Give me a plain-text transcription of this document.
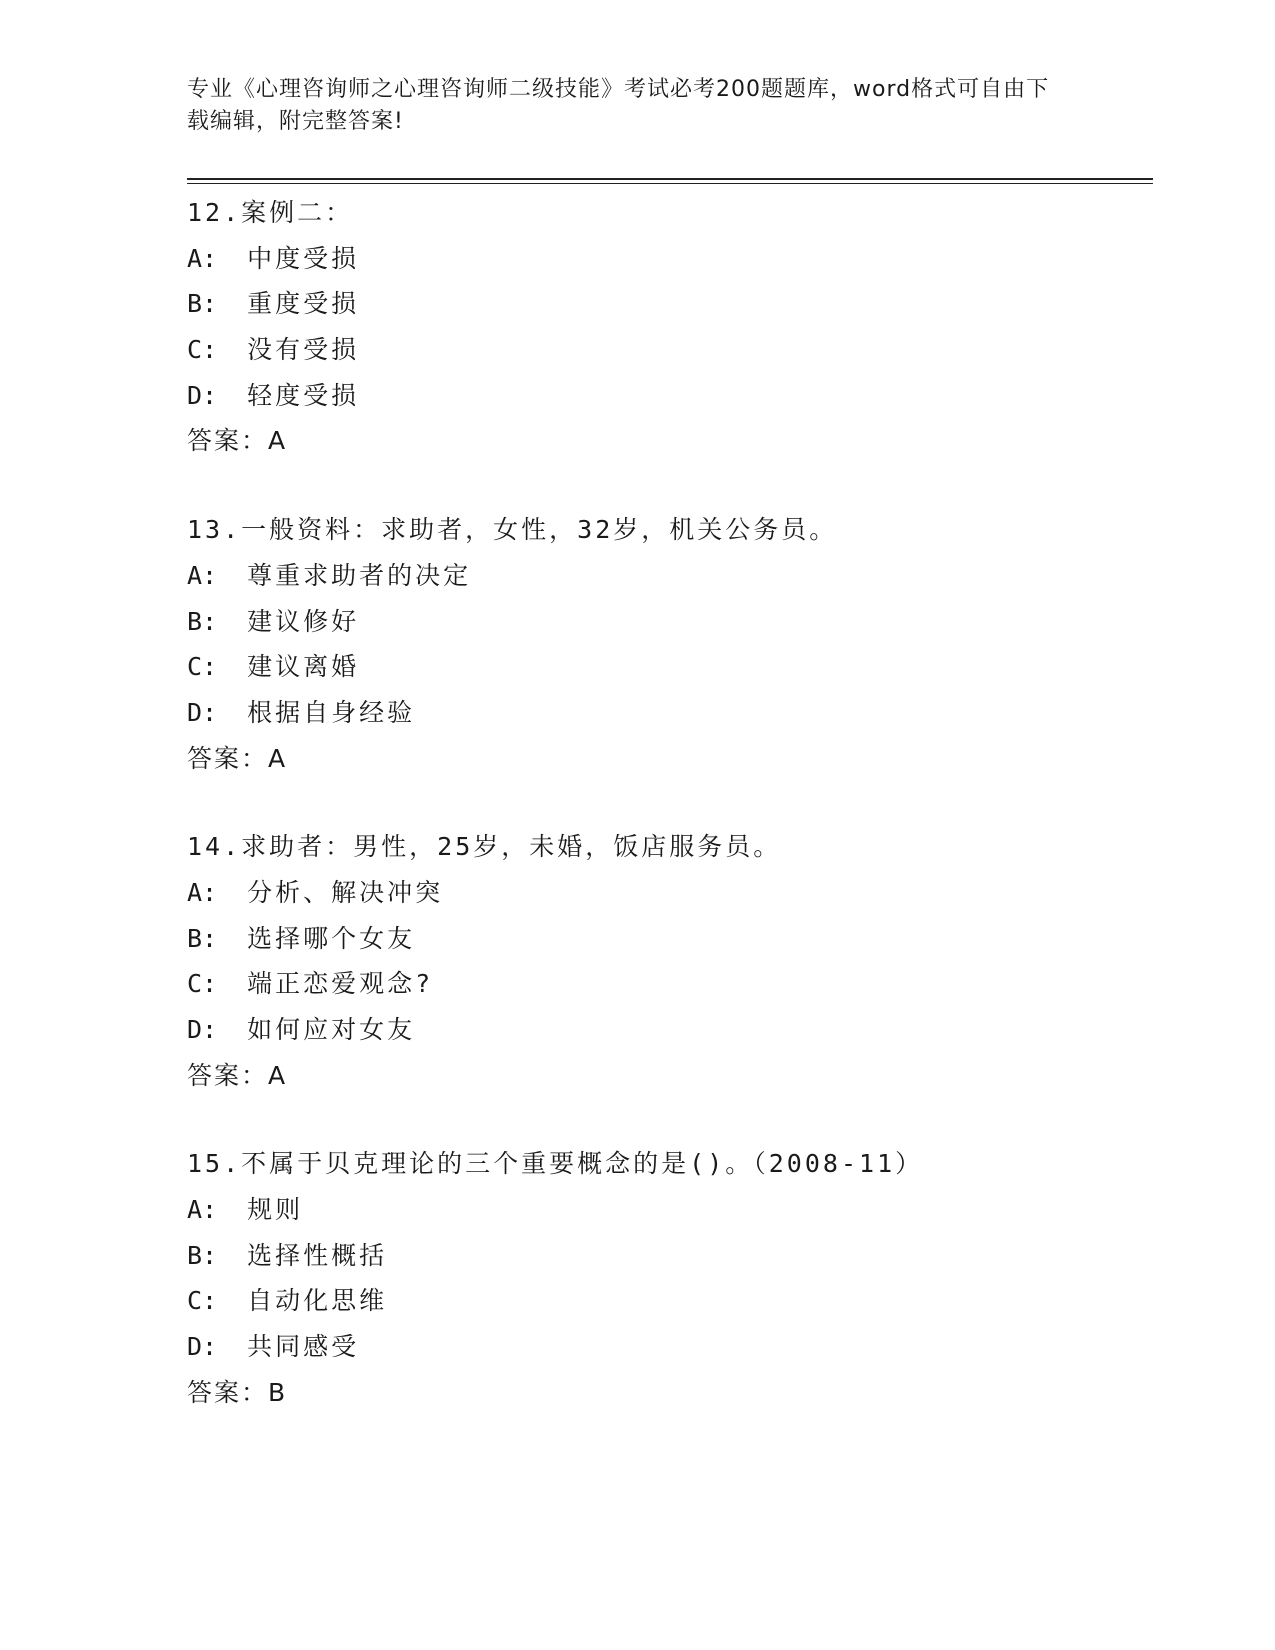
专业《心理咨询师之心理咨询师二级技能》考试必考200题题库，word格式可自由下载编辑，附完整答案!
12.案例二：
A: 中度受损
B: 重度受损
C: 没有受损
D: 轻度受损
答案：A
13.一般资料：求助者，女性，32岁，机关公务员。
A: 尊重求助者的决定
B: 建议修好
C: 建议离婚
D: 根据自身经验
答案：A
14.求助者：男性，25岁，未婚，饭店服务员。
A: 分析、解决冲突
B: 选择哪个女友
C: 端正恋爱观念?
D: 如何应对女友
答案：A
15.不属于贝克理论的三个重要概念的是()。（2008-11）
A: 规则
B: 选择性概括
C: 自动化思维
D: 共同感受
答案：B
